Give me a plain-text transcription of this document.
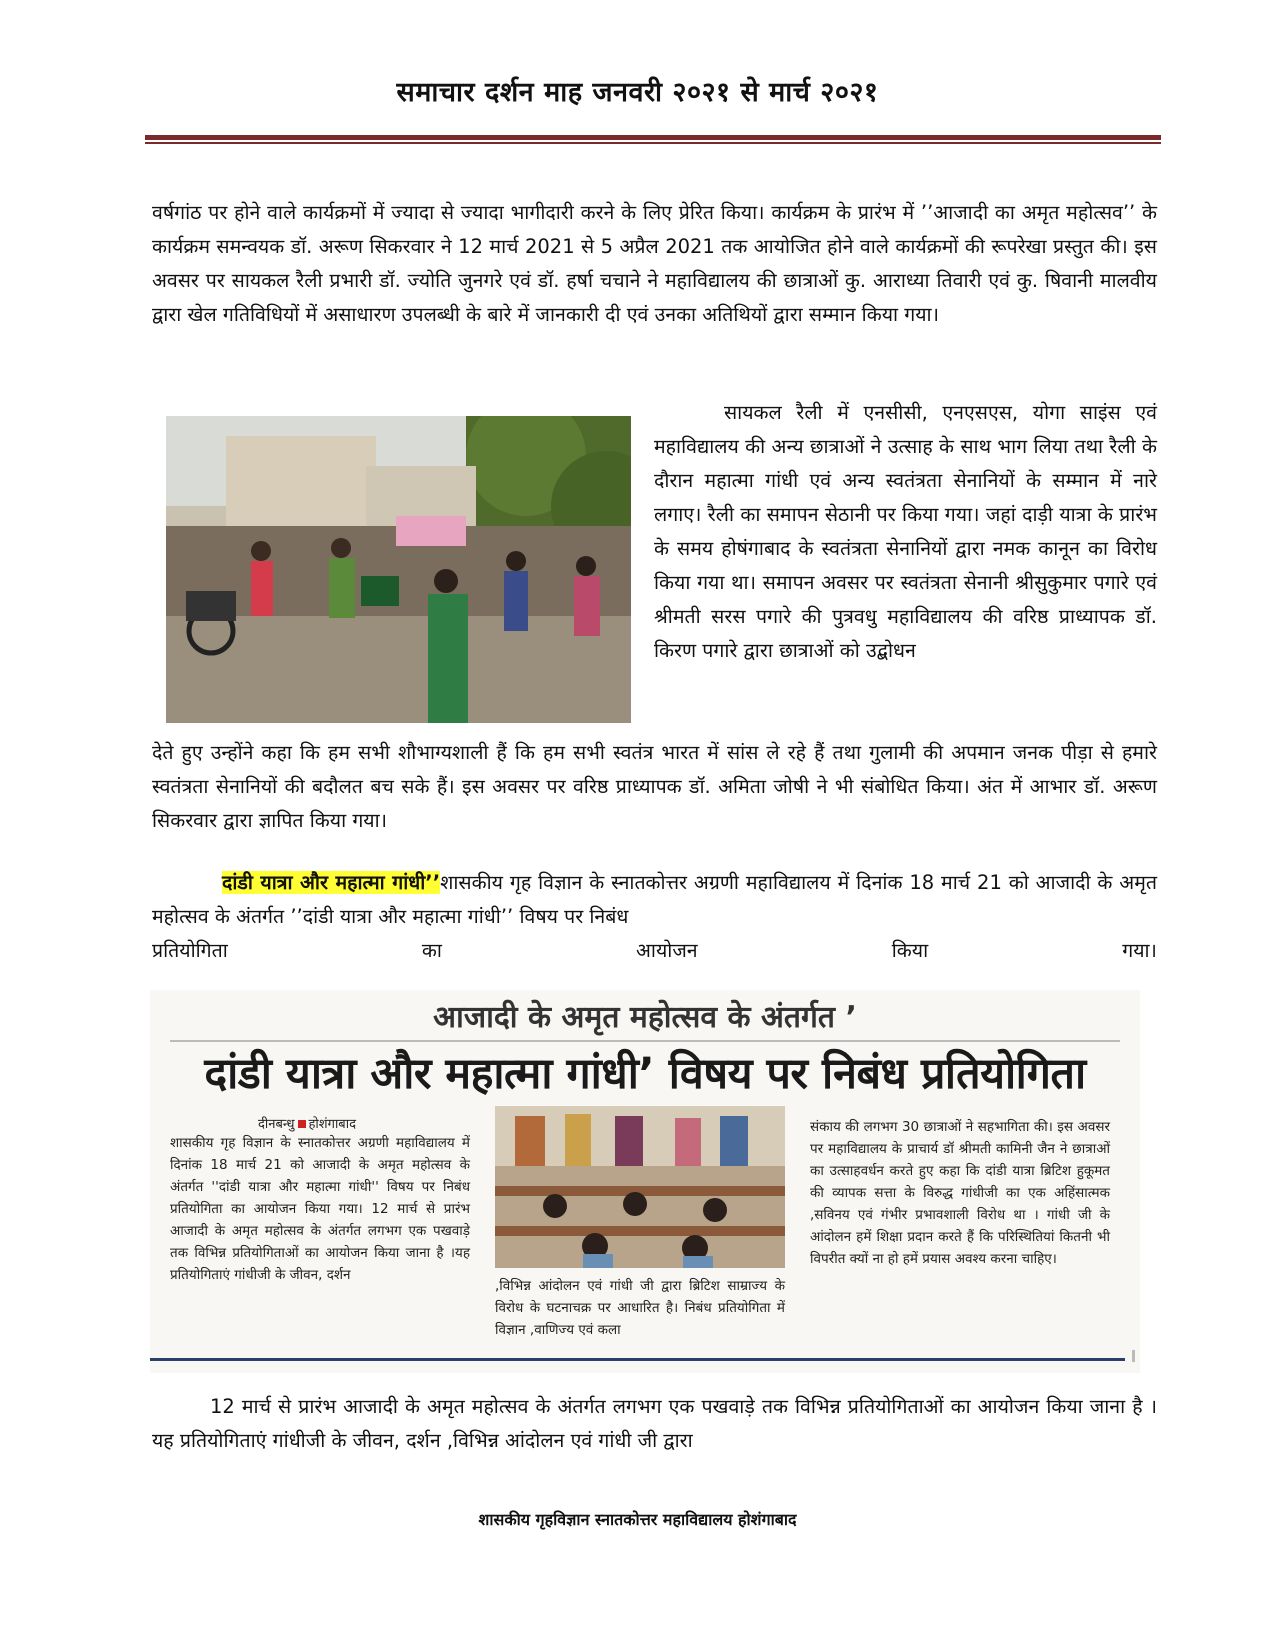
समाचार दर्शन माह जनवरी २०२१ से मार्च २०२१
वर्षगांठ पर होने वाले कार्यक्रमों में ज्यादा से ज्यादा भागीदारी करने के लिए प्रेरित किया। कार्यक्रम के प्रारंभ में ’’आजादी का अमृत महोत्सव’’ के कार्यक्रम समन्वयक डॉ. अरूण सिकरवार ने 12 मार्च 2021 से 5 अप्रैल 2021 तक आयोजित होने वाले कार्यक्रमों की रूपरेखा प्रस्तुत की। इस अवसर पर सायकल रैली प्रभारी डॉ. ज्योति जुनगरे एवं डॉ. हर्षा चचाने ने महाविद्यालय की छात्राओं कु. आराध्या तिवारी एवं कु. षिवानी मालवीय द्वारा खेल गतिविधियों में असाधारण उपलब्धी के बारे में जानकारी दी एवं उनका अतिथियों द्वारा सम्मान किया गया।
सायकल रैली में एनसीसी, एनएसएस, योगा साइंस एवं महाविद्यालय की अन्य छात्राओं ने उत्साह के साथ भाग लिया तथा रैली के दौरान महात्मा गांधी एवं अन्य स्वतंत्रता सेनानियों के सम्मान में नारे लगाए। रैली का समापन सेठानी पर किया गया। जहां दाड़ी यात्रा के प्रारंभ के समय होषंगाबाद के स्वतंत्रता सेनानियों द्वारा नमक कानून का विरोध किया गया था। समापन अवसर पर स्वतंत्रता सेनानी श्रीसुकुमार पगारे एवं श्रीमती सरस पगारे की पुत्रवधु महाविद्यालय की वरिष्ठ प्राध्यापक डॉ. किरण पगारे द्वारा छात्राओं को उद्बोधन
देते हुए उन्होंने कहा कि हम सभी शौभाग्यशाली हैं कि हम सभी स्वतंत्र भारत में सांस ले रहे हैं तथा गुलामी की अपमान जनक पीड़ा से हमारे स्वतंत्रता सेनानियों की बदौलत बच सके हैं। इस अवसर पर वरिष्ठ प्राध्यापक डॉ. अमिता जोषी ने भी संबोधित किया। अंत में आभार डॉ. अरूण सिकरवार द्वारा ज्ञापित किया गया।
दांडी यात्रा और महात्मा गांधी’’शासकीय गृह विज्ञान के स्नातकोत्तर अग्रणी महाविद्यालय में दिनांक 18 मार्च 21 को आजादी के अमृत महोत्सव के अंतर्गत ’’दांडी यात्रा और महात्मा गांधी’’ विषय पर निबंध
प्रतियोगिता	का	आयोजन	किया	गया।
आजादी के अमृत महोत्सव के अंतर्गत ’
दांडी यात्रा और महात्मा गांधी’ विषय पर निबंध प्रतियोगिता
दीनबन्धु होशंगाबाद
शासकीय गृह विज्ञान के स्नातकोत्तर अग्रणी महाविद्यालय में दिनांक 18 मार्च 21 को आजादी के अमृत महोत्सव के अंतर्गत ''दांडी यात्रा और महात्मा गांधी'' विषय पर निबंध प्रतियोगिता का आयोजन किया गया। 12 मार्च से प्रारंभ आजादी के अमृत महोत्सव के अंतर्गत लगभग एक पखवाड़े तक विभिन्न प्रतियोगिताओं का आयोजन किया जाना है ।यह प्रतियोगिताएं गांधीजी के जीवन, दर्शन
,विभिन्न आंदोलन एवं गांधी जी द्वारा ब्रिटिश साम्राज्य के विरोध के घटनाचक्र पर आधारित है। निबंध प्रतियोगिता में विज्ञान ,वाणिज्य एवं कला
संकाय की लगभग 30 छात्राओं ने सहभागिता की। इस अवसर पर महाविद्यालय के प्राचार्य डॉ श्रीमती कामिनी जैन ने छात्राओं का उत्साहवर्धन करते हुए कहा कि दांडी यात्रा ब्रिटिश हुकूमत की व्यापक सत्ता के विरुद्ध गांधीजी का एक अहिंसात्मक ,सविनय एवं गंभीर प्रभावशाली विरोध था । गांधी जी के आंदोलन हमें शिक्षा प्रदान करते हैं कि परिस्थितियां कितनी भी विपरीत क्यों ना हो हमें प्रयास अवश्य करना चाहिए।
12 मार्च से प्रारंभ आजादी के अमृत महोत्सव के अंतर्गत लगभग एक पखवाड़े तक विभिन्न प्रतियोगिताओं का आयोजन किया जाना है ।यह प्रतियोगिताएं गांधीजी के जीवन, दर्शन ,विभिन्न आंदोलन एवं गांधी जी द्वारा
शासकीय गृहविज्ञान स्नातकोत्तर महाविद्यालय होशंगाबाद
